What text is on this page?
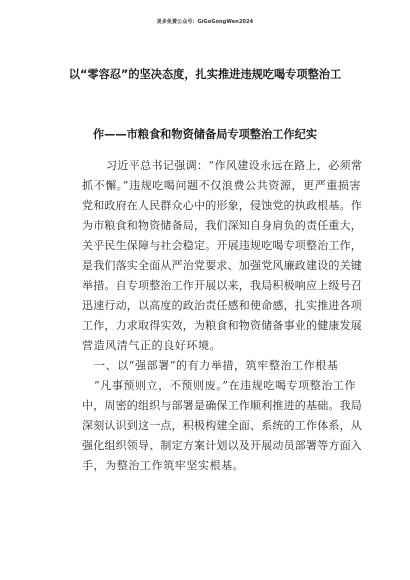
更多免费公众号：GiGoGongWen2024
以“零容忍”的坚决态度，扎实推进违规吃喝专项整治工
作——市粮食和物资储备局专项整治工作纪实
习近平总书记强调：“作风建设永远在路上，必须常
抓不懈。”违规吃喝问题不仅浪费公共资源，更严重损害
党和政府在人民群众心中的形象，侵蚀党的执政根基。作
为市粮食和物资储备局，我们深知自身肩负的责任重大，
关乎民生保障与社会稳定。开展违规吃喝专项整治工作，
是我们落实全面从严治党要求、加强党风廉政建设的关键
举措。自专项整治工作开展以来，我局积极响应上级号召
迅速行动，以高度的政治责任感和使命感，扎实推进各项
工作，力求取得实效，为粮食和物资储备事业的健康发展
营造风清气正的良好环境。
一、以“强部署”的有力举措，筑牢整治工作根基
“凡事预则立，不预则废。”在违规吃喝专项整治工作
中，周密的组织与部署是确保工作顺利推进的基础。我局
深刻认识到这一点，积极构建全面、系统的工作体系，从
强化组织领导、制定方案计划以及开展动员部署等方面入
手，为整治工作筑牢坚实根基。
